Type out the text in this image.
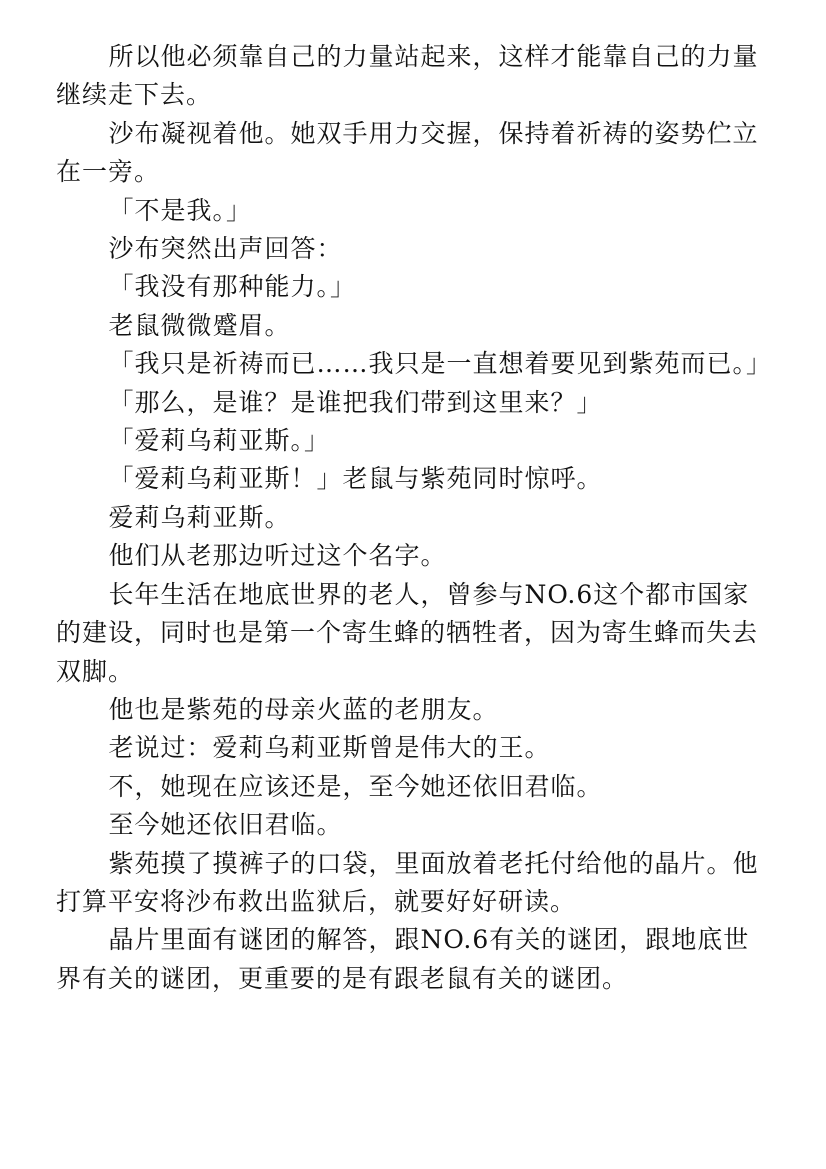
所以他必须靠自己的力量站起来，这样才能靠自己的力量继续走下去。

沙布凝视着他。她双手用力交握，保持着祈祷的姿势伫立在一旁。

「不是我。」

沙布突然出声回答：

「我没有那种能力。」

老鼠微微蹙眉。

「我只是祈祷而已……我只是一直想着要见到紫苑而已。」

「那么，是谁？是谁把我们带到这里来？」

「爱莉乌莉亚斯。」

「爱莉乌莉亚斯！」老鼠与紫苑同时惊呼。

爱莉乌莉亚斯。

他们从老那边听过这个名字。

长年生活在地底世界的老人，曾参与NO.6这个都市国家的建设，同时也是第一个寄生蜂的牺牲者，因为寄生蜂而失去双脚。

他也是紫苑的母亲火蓝的老朋友。

老说过：爱莉乌莉亚斯曾是伟大的王。

不，她现在应该还是，至今她还依旧君临。

至今她还依旧君临。

紫苑摸了摸裤子的口袋，里面放着老托付给他的晶片。他打算平安将沙布救出监狱后，就要好好研读。

晶片里面有谜团的解答，跟NO.6有关的谜团，跟地底世界有关的谜团，更重要的是有跟老鼠有关的谜团。
